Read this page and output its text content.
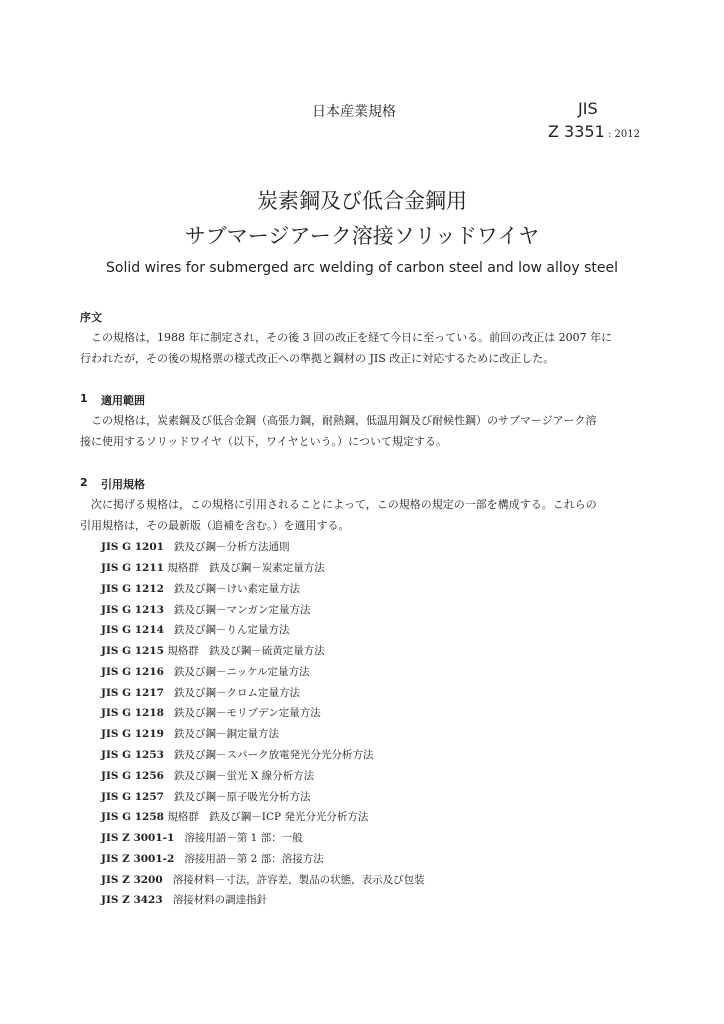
日本産業規格	JIS
Z 3351 : 2012
炭素鋼及び低合金鋼用
サブマージアーク溶接ソリッドワイヤ
Solid wires for submerged arc welding of carbon steel and low alloy steel
序文
この規格は，1988 年に制定され，その後 3 回の改正を経て今日に至っている。前回の改正は 2007 年に
行われたが，その後の規格票の様式改正への準拠と鋼材の JIS 改正に対応するために改正した。
1 適用範囲
この規格は，炭素鋼及び低合金鋼（高張力鋼，耐熱鋼，低温用鋼及び耐候性鋼）のサブマージアーク溶
接に使用するソリッドワイヤ（以下，ワイヤという。）について規定する。
2 引用規格
次に掲げる規格は，この規格に引用されることによって，この規格の規定の一部を構成する。これらの
引用規格は，その最新版（追補を含む。）を適用する。
JIS G 1201 鉄及び鋼－分析方法通則
JIS G 1211 規格群　鉄及び鋼－炭素定量方法
JIS G 1212 鉄及び鋼－けい素定量方法
JIS G 1213 鉄及び鋼－マンガン定量方法
JIS G 1214 鉄及び鋼－りん定量方法
JIS G 1215 規格群　鉄及び鋼－硫黄定量方法
JIS G 1216 鉄及び鋼－ニッケル定量方法
JIS G 1217 鉄及び鋼－クロム定量方法
JIS G 1218 鉄及び鋼－モリブデン定量方法
JIS G 1219 鉄及び鋼－銅定量方法
JIS G 1253 鉄及び鋼－スパーク放電発光分光分析方法
JIS G 1256 鉄及び鋼－蛍光 X 線分析方法
JIS G 1257 鉄及び鋼－原子吸光分析方法
JIS G 1258 規格群　鉄及び鋼－ICP 発光分光分析方法
JIS Z 3001-1 溶接用語－第 1 部：一般
JIS Z 3001-2 溶接用語－第 2 部：溶接方法
JIS Z 3200 溶接材料－寸法，許容差，製品の状態，表示及び包装
JIS Z 3423 溶接材料の調達指針
